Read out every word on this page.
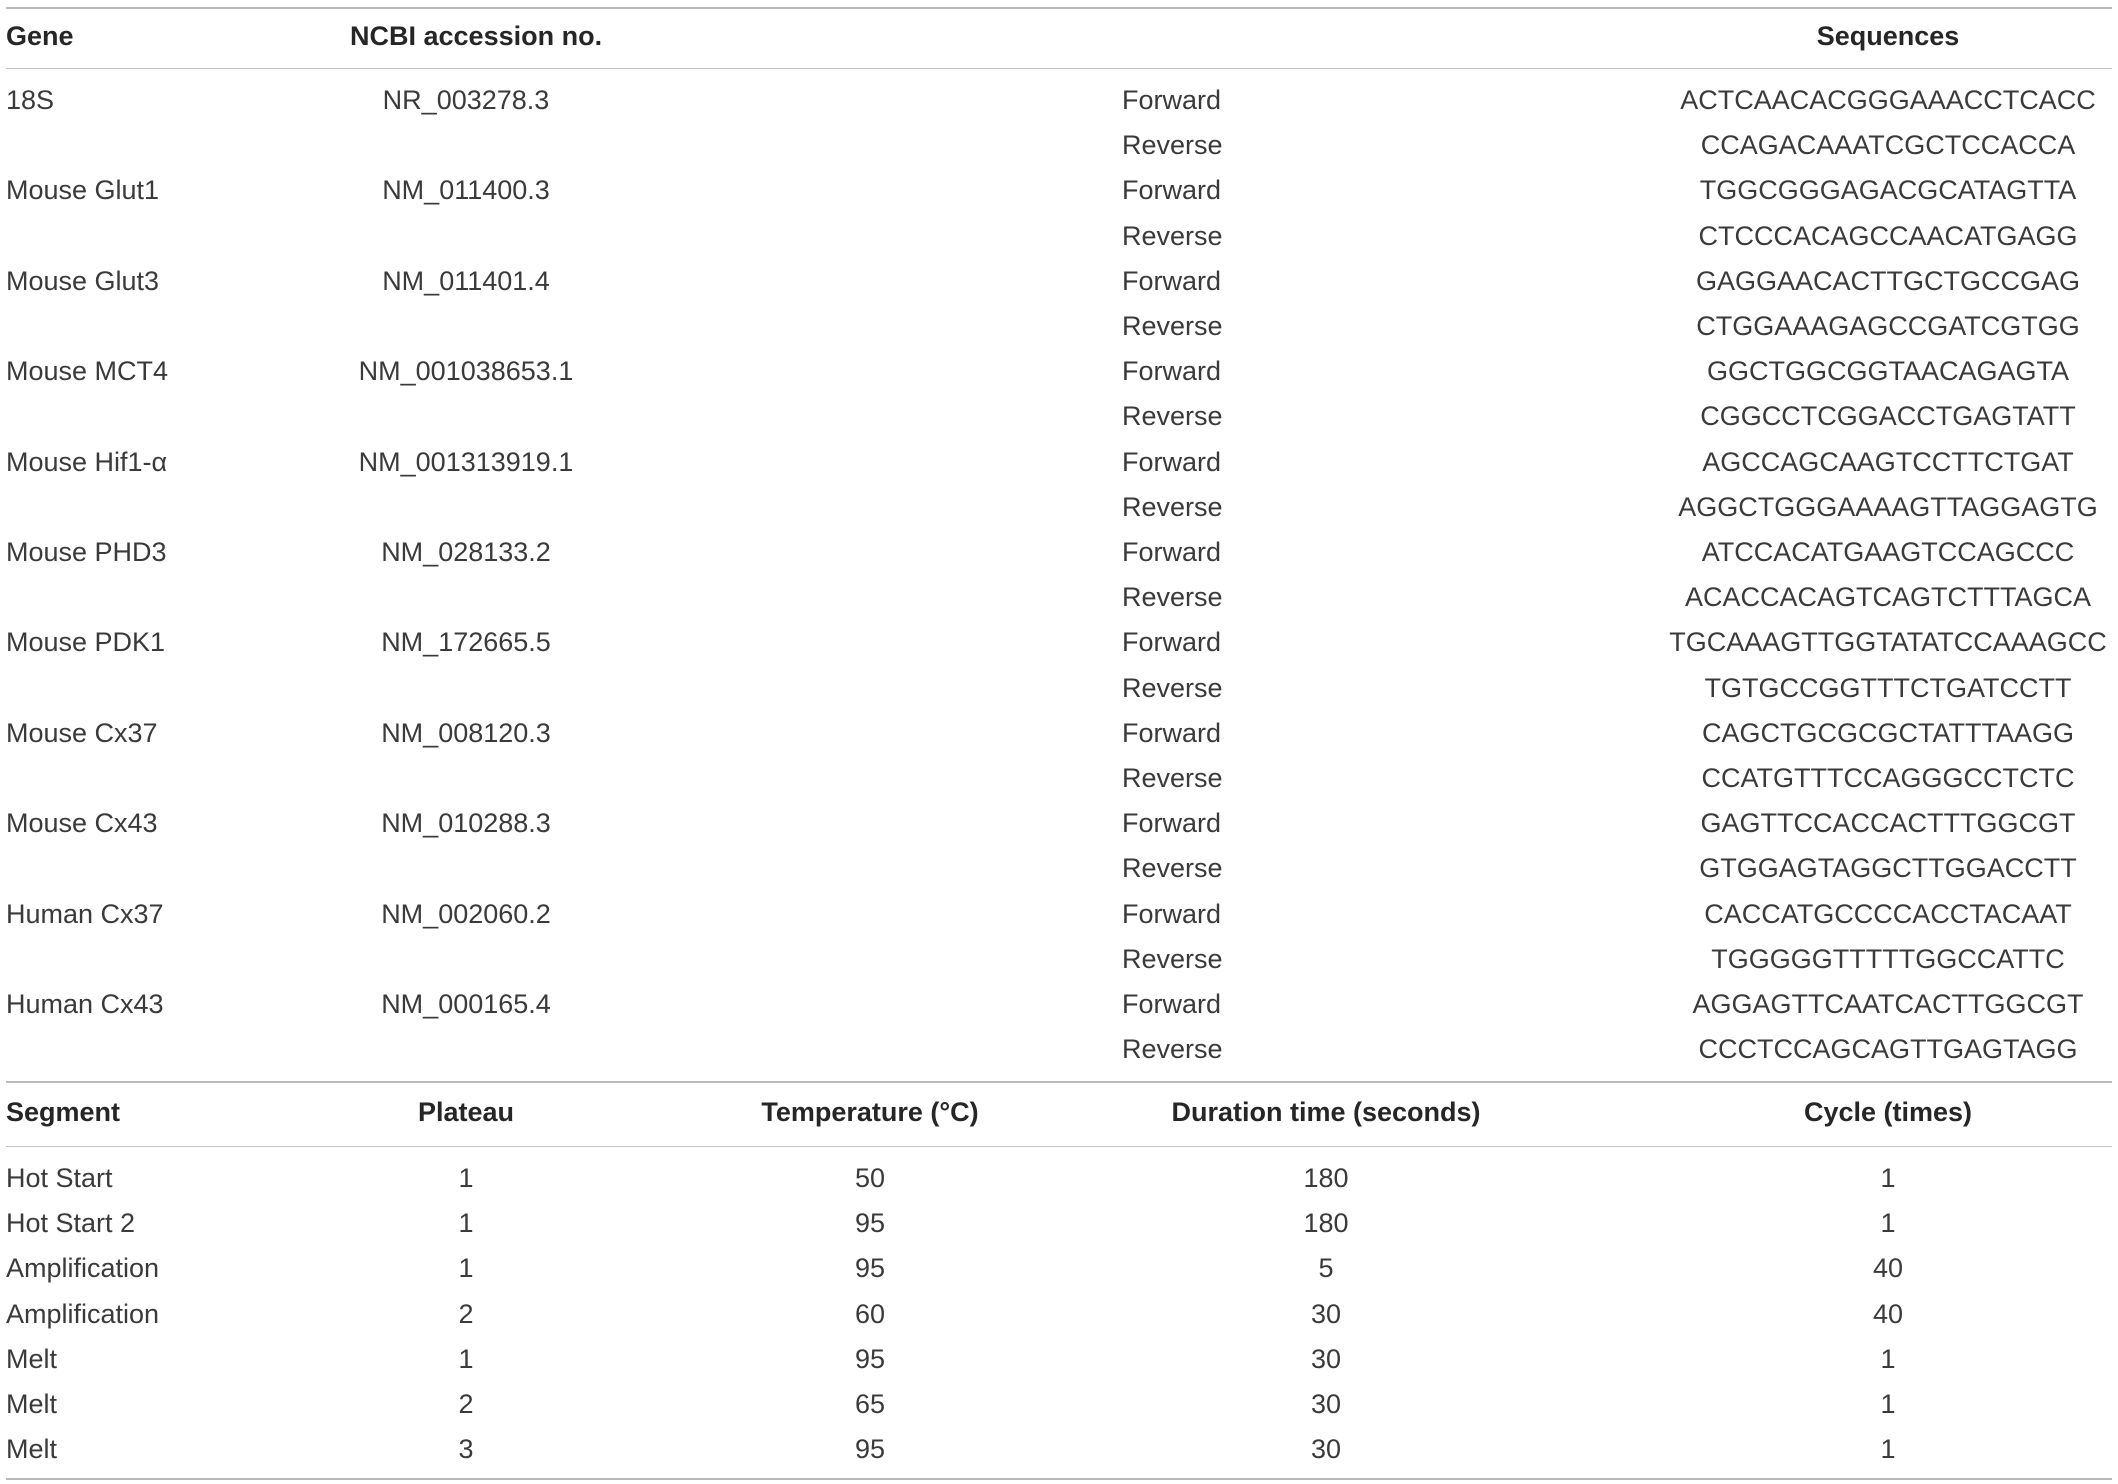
Gene	NCBI accession no.	Sequences
18S	NR_003278.3	Forward	ACTCAACACGGGAAACCTCACC
Reverse	CCAGACAAATCGCTCCACCA
Mouse Glut1	NM_011400.3	Forward	TGGCGGGAGACGCATAGTTA
Reverse	CTCCCACAGCCAACATGAGG
Mouse Glut3	NM_011401.4	Forward	GAGGAACACTTGCTGCCGAG
Reverse	CTGGAAAGAGCCGATCGTGG
Mouse MCT4	NM_001038653.1	Forward	GGCTGGCGGTAACAGAGTA
Reverse	CGGCCTCGGACCTGAGTATT
Mouse Hif1-α	NM_001313919.1	Forward	AGCCAGCAAGTCCTTCTGAT
Reverse	AGGCTGGGAAAAGTTAGGAGTG
Mouse PHD3	NM_028133.2	Forward	ATCCACATGAAGTCCAGCCC
Reverse	ACACCACAGTCAGTCTTTAGCA
Mouse PDK1	NM_172665.5	Forward	TGCAAAGTTGGTATATCCAAAGCC
Reverse	TGTGCCGGTTTCTGATCCTT
Mouse Cx37	NM_008120.3	Forward	CAGCTGCGCGCTATTTAAGG
Reverse	CCATGTTTCCAGGGCCTCTC
Mouse Cx43	NM_010288.3	Forward	GAGTTCCACCACTTTGGCGT
Reverse	GTGGAGTAGGCTTGGACCTT
Human Cx37	NM_002060.2	Forward	CACCATGCCCCACCTACAAT
Reverse	TGGGGGTTTTTGGCCATTC
Human Cx43	NM_000165.4	Forward	AGGAGTTCAATCACTTGGCGT
Reverse	CCCTCCAGCAGTTGAGTAGG
Segment	Plateau	Temperature (°C)	Duration time (seconds)	Cycle (times)
Hot Start	1	50	180	1
Hot Start 2	1	95	180	1
Amplification	1	95	5	40
Amplification	2	60	30	40
Melt	1	95	30	1
Melt	2	65	30	1
Melt	3	95	30	1
